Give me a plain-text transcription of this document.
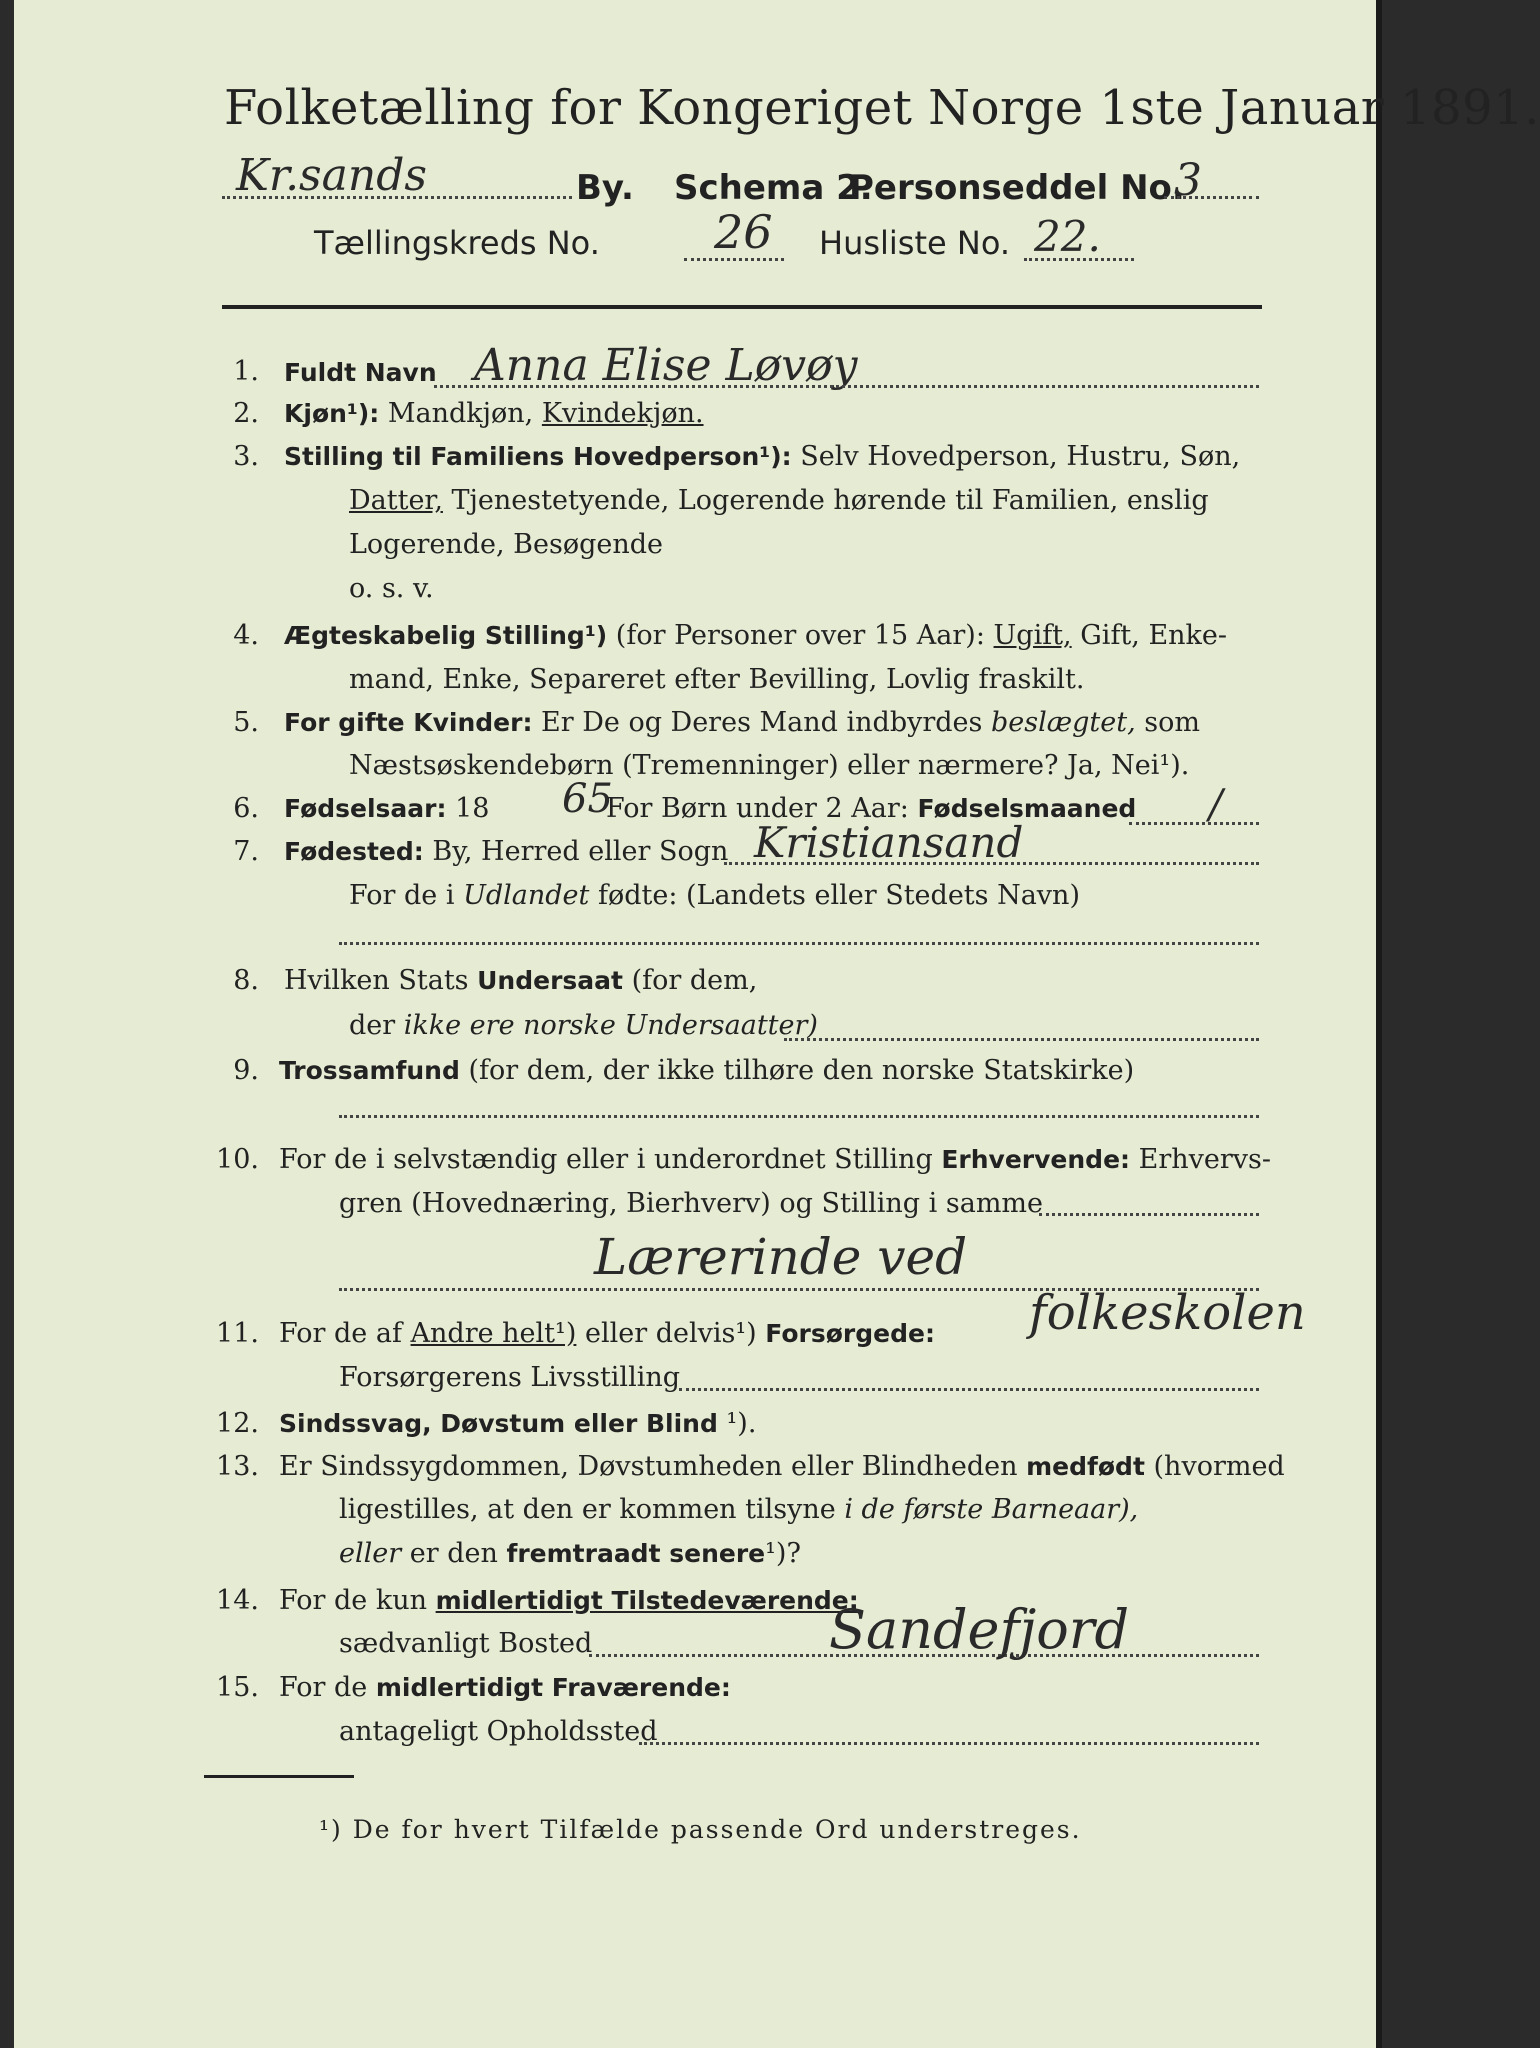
Folketælling for Kongeriget Norge 1ste Januar 1891.
Kr.sands	By. Schema 2.
Personseddel No.
3
Tællingskreds No. 26 Husliste No. 22.
1. Fuldt Navn Anna Elise Løvøy
2. Kjøn¹): Mandkjøn, Kvindekjøn.
3. Stilling til Familiens Hovedperson¹): Selv Hovedperson, Hustru, Søn,
Datter, Tjenestetyende, Logerende hørende til Familien, enslig
Logerende, Besøgende
o. s. v.
4. Ægteskabelig Stilling¹) (for Personer over 15 Aar): Ugift, Gift, Enke-
mand, Enke, Separeret efter Bevilling, Lovlig fraskilt.
5. For gifte Kvinder: Er De og Deres Mand indbyrdes beslægtet, som
Næstsøskendebørn (Tremenninger) eller nærmere? Ja, Nei¹).
6. Fødselsaar: 18 65
For Børn under 2 Aar: Fødselsmaaned /
7. Fødested: By, Herred eller Sogn Kristiansand
For de i Udlandet fødte: (Landets eller Stedets Navn)
8. Hvilken Stats Undersaat (for dem,
der ikke ere norske Undersaatter)
9. Trossamfund (for dem, der ikke tilhøre den norske Statskirke)
10. For de i selvstændig eller i underordnet Stilling Erhvervende: Erhvervs-
gren (Hovednæring, Bierhverv) og Stilling i samme
Lærerinde ved
folkeskolen
11. For de af Andre helt¹) eller delvis¹) Forsørgede:
Forsørgerens Livsstilling
12. Sindssvag, Døvstum eller Blind ¹).
13. Er Sindssygdommen, Døvstumheden eller Blindheden medfødt (hvormed
ligestilles, at den er kommen tilsyne i de første Barneaar),
eller er den fremtraadt senere¹)?
14. For de kun midlertidigt Tilstedeværende:
sædvanligt Bosted	Sandefjord
15. For de midlertidigt Fraværende:
antageligt Opholdssted
¹) De for hvert Tilfælde passende Ord understreges.
